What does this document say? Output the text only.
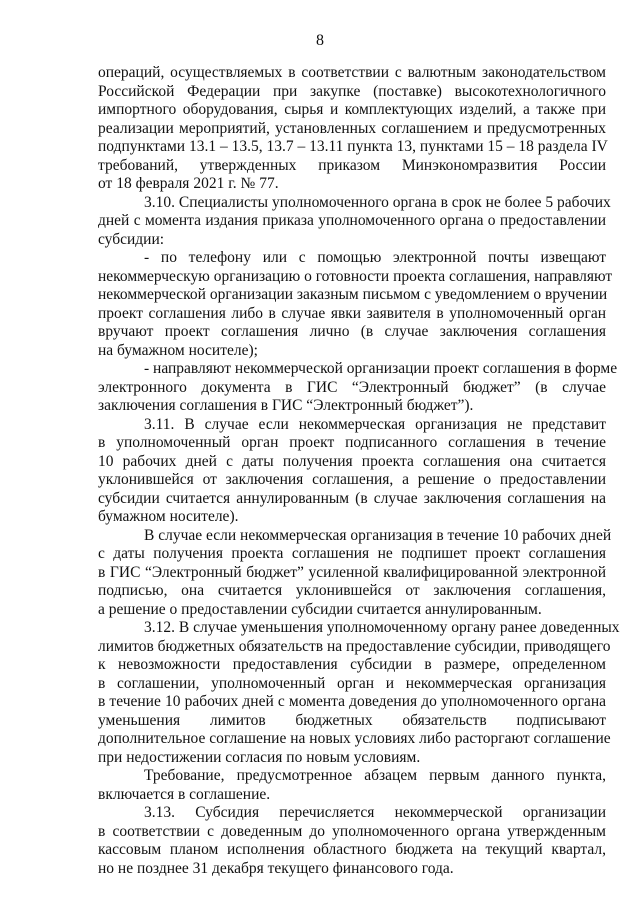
8
операций, осуществляемых в соответствии с валютным законодательством
Российской Федерации при закупке (поставке) высокотехнологичного
импортного оборудования, сырья и комплектующих изделий, а также при
реализации мероприятий, установленных соглашением и предусмотренных
подпунктами 13.1 – 13.5, 13.7 – 13.11 пункта 13, пунктами 15 – 18 раздела IV
требований, утвержденных приказом Минэкономразвития России
от 18 февраля 2021 г. № 77.
3.10. Специалисты уполномоченного органа в срок не более 5 рабочих
дней с момента издания приказа уполномоченного органа о предоставлении
субсидии:
- по телефону или с помощью электронной почты извещают
некоммерческую организацию о готовности проекта соглашения, направляют
некоммерческой организации заказным письмом с уведомлением о вручении
проект соглашения либо в случае явки заявителя в уполномоченный орган
вручают проект соглашения лично (в случае заключения соглашения
на бумажном носителе);
- направляют некоммерческой организации проект соглашения в форме
электронного документа в ГИС “Электронный бюджет” (в случае
заключения соглашения в ГИС “Электронный бюджет”).
3.11. В случае если некоммерческая организация не представит
в уполномоченный орган проект подписанного соглашения в течение
10 рабочих дней с даты получения проекта соглашения она считается
уклонившейся от заключения соглашения, а решение о предоставлении
субсидии считается аннулированным (в случае заключения соглашения на
бумажном носителе).
В случае если некоммерческая организация в течение 10 рабочих дней
с даты получения проекта соглашения не подпишет проект соглашения
в ГИС “Электронный бюджет” усиленной квалифицированной электронной
подписью, она считается уклонившейся от заключения соглашения,
а решение о предоставлении субсидии считается аннулированным.
3.12. В случае уменьшения уполномоченному органу ранее доведенных
лимитов бюджетных обязательств на предоставление субсидии, приводящего
к невозможности предоставления субсидии в размере, определенном
в соглашении, уполномоченный орган и некоммерческая организация
в течение 10 рабочих дней с момента доведения до уполномоченного органа
уменьшения лимитов бюджетных обязательств подписывают
дополнительное соглашение на новых условиях либо расторгают соглашение
при недостижении согласия по новым условиям.
Требование, предусмотренное абзацем первым данного пункта,
включается в соглашение.
3.13. Субсидия перечисляется некоммерческой организации
в соответствии с доведенным до уполномоченного органа утвержденным
кассовым планом исполнения областного бюджета на текущий квартал,
но не позднее 31 декабря текущего финансового года.
